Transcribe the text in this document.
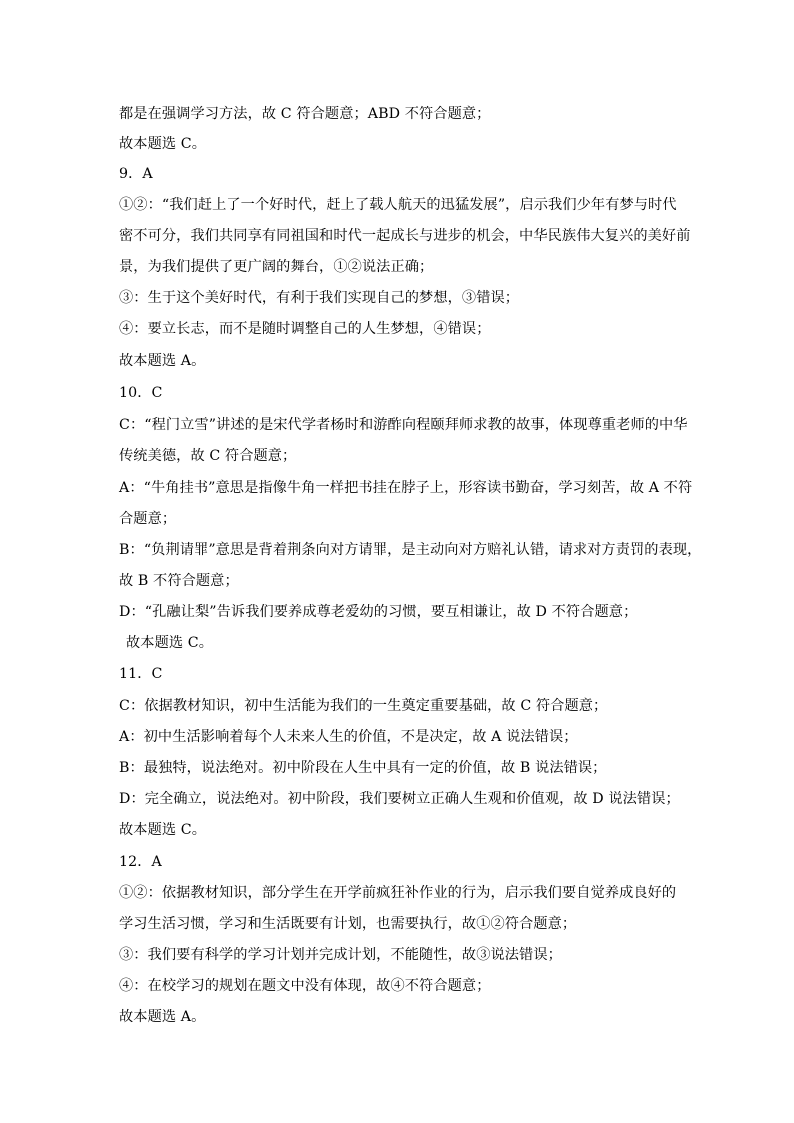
都是在强调学习方法，故 C 符合题意；ABD 不符合题意；
故本题选 C。
9．A
①②：“我们赶上了一个好时代，赶上了载人航天的迅猛发展”，启示我们少年有梦与时代
密不可分，我们共同享有同祖国和时代一起成长与进步的机会，中华民族伟大复兴的美好前
景，为我们提供了更广阔的舞台，①②说法正确；
③：生于这个美好时代，有利于我们实现自己的梦想，③错误；
④：要立长志，而不是随时调整自己的人生梦想，④错误；
故本题选 A。
10．C
C：“程门立雪”讲述的是宋代学者杨时和游酢向程颐拜师求教的故事，体现尊重老师的中华
传统美德，故 C 符合题意；
A：“牛角挂书”意思是指像牛角一样把书挂在脖子上，形容读书勤奋，学习刻苦，故 A 不符
合题意；
B：“负荆请罪”意思是背着荆条向对方请罪，是主动向对方赔礼认错，请求对方责罚的表现，
故 B 不符合题意；
D：“孔融让梨”告诉我们要养成尊老爱幼的习惯，要互相谦让，故 D 不符合题意；
故本题选 C。
11．C
C：依据教材知识，初中生活能为我们的一生奠定重要基础，故 C 符合题意；
A：初中生活影响着每个人未来人生的价值，不是决定，故 A 说法错误；
B：最独特，说法绝对。初中阶段在人生中具有一定的价值，故 B 说法错误；
D：完全确立，说法绝对。初中阶段，我们要树立正确人生观和价值观，故 D 说法错误；
故本题选 C。
12．A
①②：依据教材知识，部分学生在开学前疯狂补作业的行为，启示我们要自觉养成良好的
学习生活习惯，学习和生活既要有计划，也需要执行，故①②符合题意；
③：我们要有科学的学习计划并完成计划，不能随性，故③说法错误；
④：在校学习的规划在题文中没有体现，故④不符合题意；
故本题选 A。
